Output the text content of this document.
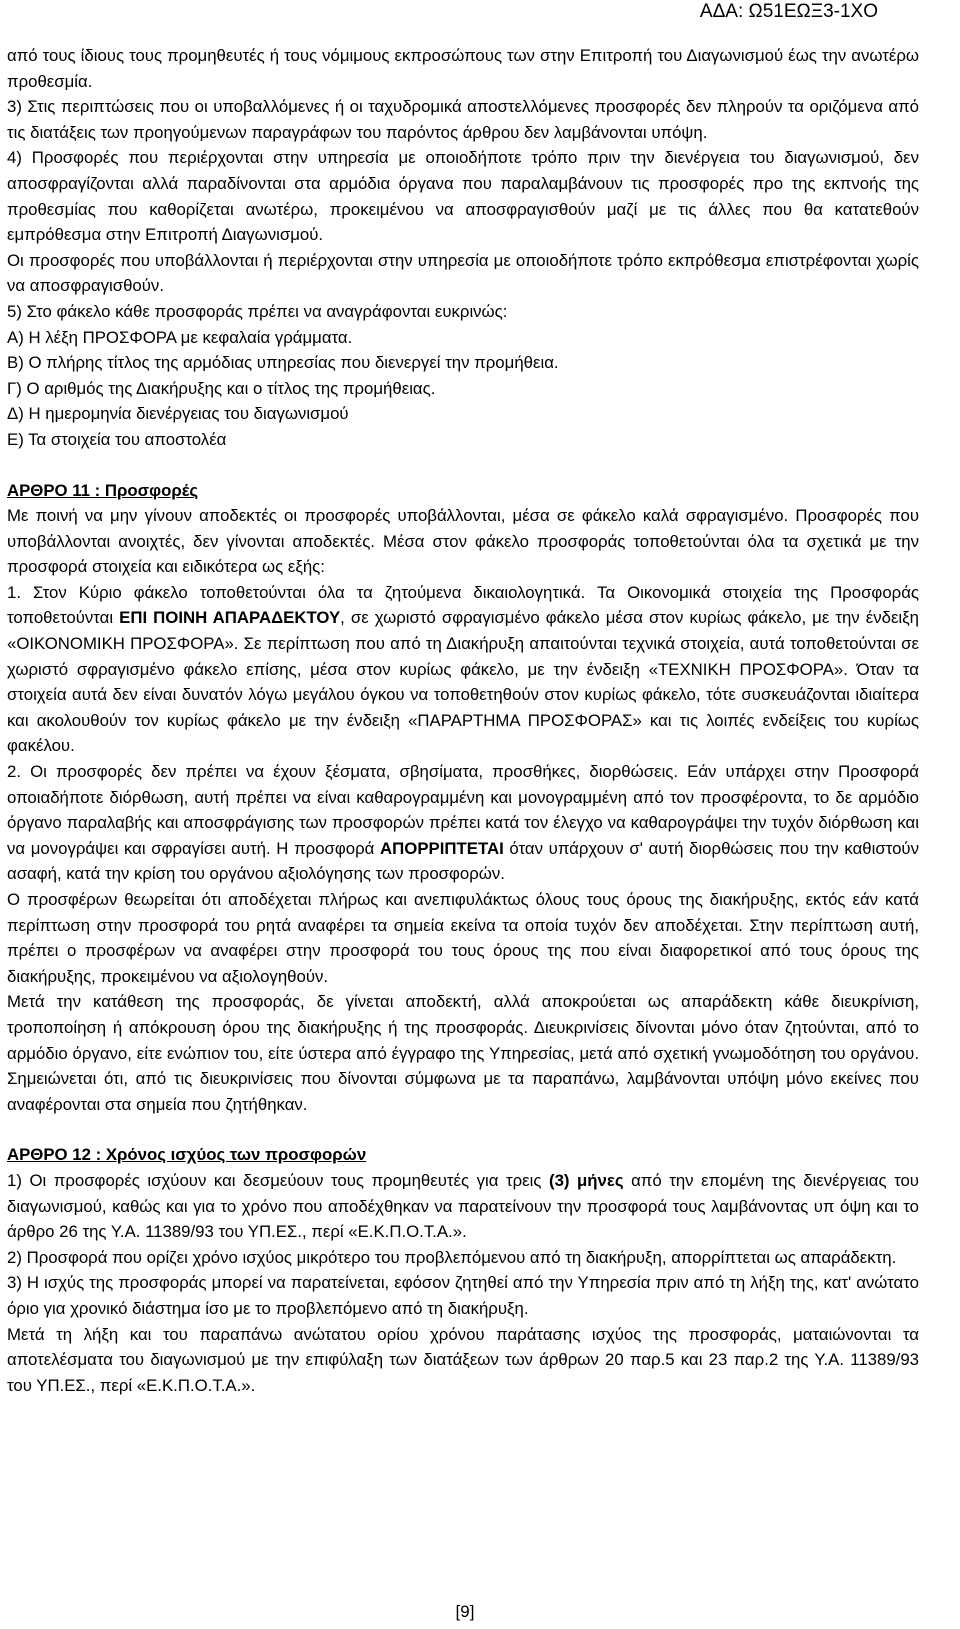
ΑΔΑ: Ω51ΕΩΞ3-1ΧΟ

από τους ίδιους τους προμηθευτές ή τους νόμιμους εκπροσώπους των στην Επιτροπή του Διαγωνισμού έως την ανωτέρω προθεσμία.

3) Στις περιπτώσεις που οι υποβαλλόμενες ή οι ταχυδρομικά αποστελλόμενες προσφορές δεν πληρούν τα οριζόμενα από τις διατάξεις των προηγούμενων παραγράφων του παρόντος άρθρου δεν λαμβάνονται υπόψη.

4) Προσφορές που περιέρχονται στην υπηρεσία με οποιοδήποτε τρόπο πριν την διενέργεια του διαγωνισμού, δεν αποσφραγίζονται αλλά παραδίνονται στα αρμόδια όργανα που παραλαμβάνουν τις προσφορές προ της εκπνοής της προθεσμίας που καθορίζεται ανωτέρω, προκειμένου να αποσφραγισθούν μαζί με τις άλλες που θα κατατεθούν εμπρόθεσμα στην Επιτροπή Διαγωνισμού.

Οι προσφορές που υποβάλλονται ή περιέρχονται στην υπηρεσία με οποιοδήποτε τρόπο εκπρόθεσμα επιστρέφονται χωρίς να αποσφραγισθούν.

5) Στο φάκελο κάθε προσφοράς πρέπει να αναγράφονται ευκρινώς:

Α) Η λέξη ΠΡΟΣΦΟΡΑ με κεφαλαία γράμματα.

Β) Ο πλήρης τίτλος της αρμόδιας υπηρεσίας που διενεργεί την προμήθεια.

Γ) Ο αριθμός της Διακήρυξης και ο τίτλος της προμήθειας.

Δ) Η ημερομηνία διενέργειας του διαγωνισμού

Ε) Τα στοιχεία του αποστολέα

ΑΡΘΡΟ 11 : Προσφορές

Με ποινή να μην γίνουν αποδεκτές οι προσφορές υποβάλλονται, μέσα σε φάκελο καλά σφραγισμένο. Προσφορές που υποβάλλονται ανοιχτές, δεν γίνονται αποδεκτές. Μέσα στον φάκελο προσφοράς τοποθετούνται όλα τα σχετικά με την προσφορά στοιχεία και ειδικότερα ως εξής:

1. Στον Κύριο φάκελο τοποθετούνται όλα τα ζητούμενα δικαιολογητικά. Τα Οικονομικά στοιχεία της Προσφοράς τοποθετούνται ΕΠΙ ΠΟΙΝΗ ΑΠΑΡΑΔΕΚΤΟΥ, σε χωριστό σφραγισμένο φάκελο μέσα στον κυρίως φάκελο, με την ένδειξη «ΟΙΚΟΝΟΜΙΚΗ ΠΡΟΣΦΟΡΑ». Σε περίπτωση που από τη Διακήρυξη απαιτούνται τεχνικά στοιχεία, αυτά τοποθετούνται σε χωριστό σφραγισμένο φάκελο επίσης, μέσα στον κυρίως φάκελο, με την ένδειξη «ΤΕΧΝΙΚΗ ΠΡΟΣΦΟΡΑ». Όταν τα στοιχεία αυτά δεν είναι δυνατόν λόγω μεγάλου όγκου να τοποθετηθούν στον κυρίως φάκελο, τότε συσκευάζονται ιδιαίτερα και ακολουθούν τον κυρίως φάκελο με την ένδειξη «ΠΑΡΑΡΤΗΜΑ ΠΡΟΣΦΟΡΑΣ» και τις λοιπές ενδείξεις του κυρίως φακέλου.

2. Οι προσφορές δεν πρέπει να έχουν ξέσματα, σβησίματα, προσθήκες, διορθώσεις. Εάν υπάρχει στην Προσφορά οποιαδήποτε διόρθωση, αυτή πρέπει να είναι καθαρογραμμένη και μονογραμμένη από τον προσφέροντα, το δε αρμόδιο όργανο παραλαβής και αποσφράγισης των προσφορών πρέπει κατά τον έλεγχο να καθαρογράψει την τυχόν διόρθωση και να μονογράψει και σφραγίσει αυτή. Η προσφορά ΑΠΟΡΡΙΠΤΕΤΑΙ όταν υπάρχουν σ' αυτή διορθώσεις που την καθιστούν ασαφή, κατά την κρίση του οργάνου αξιολόγησης των προσφορών.

Ο προσφέρων θεωρείται ότι αποδέχεται πλήρως και ανεπιφυλάκτως όλους τους όρους της διακήρυξης, εκτός εάν κατά περίπτωση στην προσφορά του ρητά αναφέρει τα σημεία εκείνα τα οποία τυχόν δεν αποδέχεται. Στην περίπτωση αυτή, πρέπει ο προσφέρων να αναφέρει στην προσφορά του τους όρους της που είναι διαφορετικοί από τους όρους της διακήρυξης, προκειμένου να αξιολογηθούν.

Μετά την κατάθεση της προσφοράς, δε γίνεται αποδεκτή, αλλά αποκρούεται ως απαράδεκτη κάθε διευκρίνιση, τροποποίηση ή απόκρουση όρου της διακήρυξης ή της προσφοράς. Διευκρινίσεις δίνονται μόνο όταν ζητούνται, από το αρμόδιο όργανο, είτε ενώπιον του, είτε ύστερα από έγγραφο της Υπηρεσίας, μετά από σχετική γνωμοδότηση του οργάνου. Σημειώνεται ότι, από τις διευκρινίσεις που δίνονται σύμφωνα με τα παραπάνω, λαμβάνονται υπόψη μόνο εκείνες που αναφέρονται στα σημεία που ζητήθηκαν.

ΑΡΘΡΟ 12 : Χρόνος ισχύος των προσφορών

1) Οι προσφορές ισχύουν και δεσμεύουν τους προμηθευτές για τρεις (3) μήνες από την επομένη της διενέργειας του διαγωνισμού, καθώς και για το χρόνο που αποδέχθηκαν να παρατείνουν την προσφορά τους λαμβάνοντας υπ όψη και το άρθρο 26 της Υ.Α. 11389/93 του ΥΠ.ΕΣ., περί «Ε.Κ.Π.Ο.Τ.Α.».

2) Προσφορά που ορίζει χρόνο ισχύος μικρότερο του προβλεπόμενου από τη διακήρυξη, απορρίπτεται ως απαράδεκτη.

3) Η ισχύς της προσφοράς μπορεί να παρατείνεται, εφόσον ζητηθεί από την Υπηρεσία πριν από τη λήξη της, κατ' ανώτατο όριο για χρονικό διάστημα ίσο με το προβλεπόμενο από τη διακήρυξη.

Μετά τη λήξη και του παραπάνω ανώτατου ορίου χρόνου παράτασης ισχύος της προσφοράς, ματαιώνονται τα αποτελέσματα του διαγωνισμού με την επιφύλαξη των διατάξεων των άρθρων 20 παρ.5 και 23 παρ.2 της Υ.Α. 11389/93 του ΥΠ.ΕΣ., περί «Ε.Κ.Π.Ο.Τ.Α.».

[9]
